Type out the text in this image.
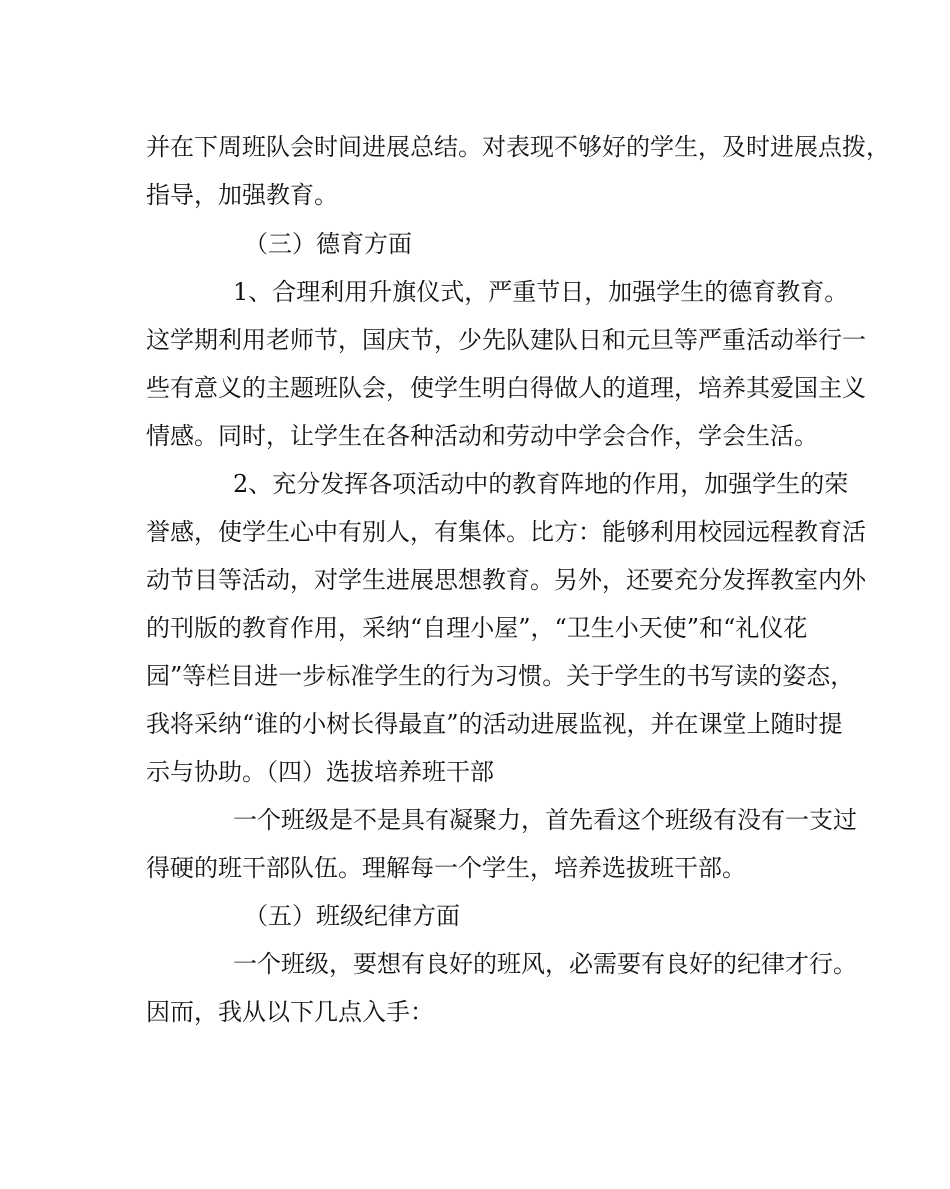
并在下周班队会时间进展总结。对表现不够好的学生，及时进展点拨，
指导，加强教育。
（三）德育方面
1、合理利用升旗仪式，严重节日，加强学生的德育教育。
这学期利用老师节，国庆节，少先队建队日和元旦等严重活动举行一
些有意义的主题班队会，使学生明白得做人的道理，培养其爱国主义
情感。同时，让学生在各种活动和劳动中学会合作，学会生活。
2、充分发挥各项活动中的教育阵地的作用，加强学生的荣
誉感，使学生心中有别人，有集体。比方：能够利用校园远程教育活
动节目等活动，对学生进展思想教育。另外，还要充分发挥教室内外
的刊版的教育作用，采纳“自理小屋”，“卫生小天使”和“礼仪花
园”等栏目进一步标准学生的行为习惯。关于学生的书写读的姿态，
我将采纳“谁的小树长得最直”的活动进展监视，并在课堂上随时提
示与协助。（四）选拔培养班干部
一个班级是不是具有凝聚力，首先看这个班级有没有一支过
得硬的班干部队伍。理解每一个学生，培养选拔班干部。
（五）班级纪律方面
一个班级，要想有良好的班风，必需要有良好的纪律才行。
因而，我从以下几点入手：
